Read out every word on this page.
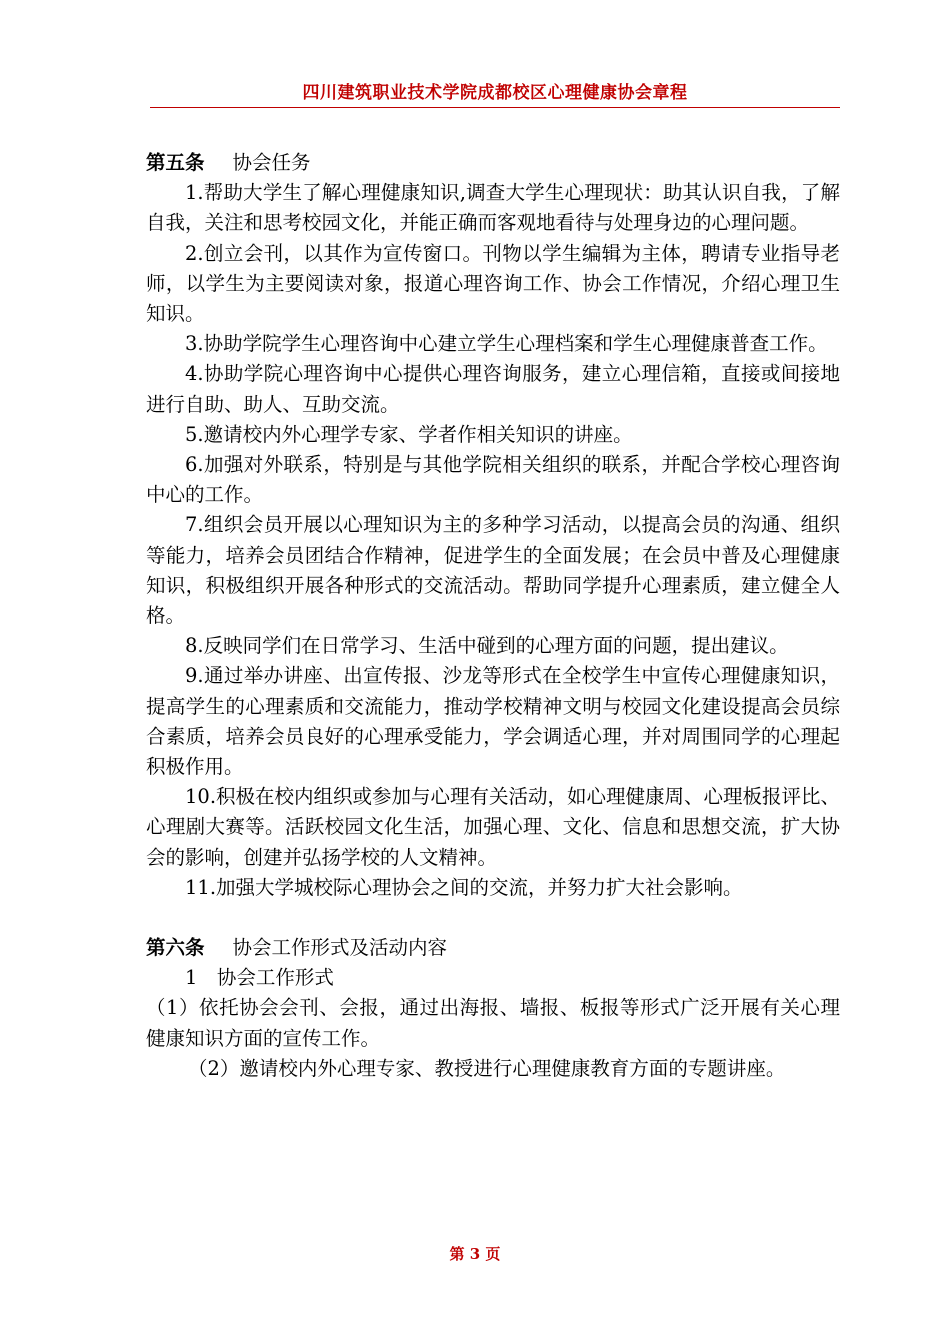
四川建筑职业技术学院成都校区心理健康协会章程

第五条 协会任务

1.帮助大学生了解心理健康知识,调查大学生心理现状：助其认识自我，了解自我，关注和思考校园文化，并能正确而客观地看待与处理身边的心理问题。

2.创立会刊，以其作为宣传窗口。刊物以学生编辑为主体，聘请专业指导老师，以学生为主要阅读对象，报道心理咨询工作、协会工作情况，介绍心理卫生知识。

3.协助学院学生心理咨询中心建立学生心理档案和学生心理健康普查工作。

4.协助学院心理咨询中心提供心理咨询服务，建立心理信箱，直接或间接地进行自助、助人、互助交流。

5.邀请校内外心理学专家、学者作相关知识的讲座。

6.加强对外联系，特别是与其他学院相关组织的联系，并配合学校心理咨询中心的工作。

7.组织会员开展以心理知识为主的多种学习活动，以提高会员的沟通、组织等能力，培养会员团结合作精神，促进学生的全面发展；在会员中普及心理健康知识，积极组织开展各种形式的交流活动。帮助同学提升心理素质，建立健全人格。

8.反映同学们在日常学习、生活中碰到的心理方面的问题，提出建议。

9.通过举办讲座、出宣传报、沙龙等形式在全校学生中宣传心理健康知识，提高学生的心理素质和交流能力，推动学校精神文明与校园文化建设提高会员综合素质，培养会员良好的心理承受能力，学会调适心理，并对周围同学的心理起积极作用。

10.积极在校内组织或参加与心理有关活动，如心理健康周、心理板报评比、心理剧大赛等。活跃校园文化生活，加强心理、文化、信息和思想交流，扩大协会的影响，创建并弘扬学校的人文精神。

11.加强大学城校际心理协会之间的交流，并努力扩大社会影响。

第六条 协会工作形式及活动内容

1　协会工作形式

（1）依托协会会刊、会报，通过出海报、墙报、板报等形式广泛开展有关心理健康知识方面的宣传工作。

（2）邀请校内外心理专家、教授进行心理健康教育方面的专题讲座。

第 3 页
